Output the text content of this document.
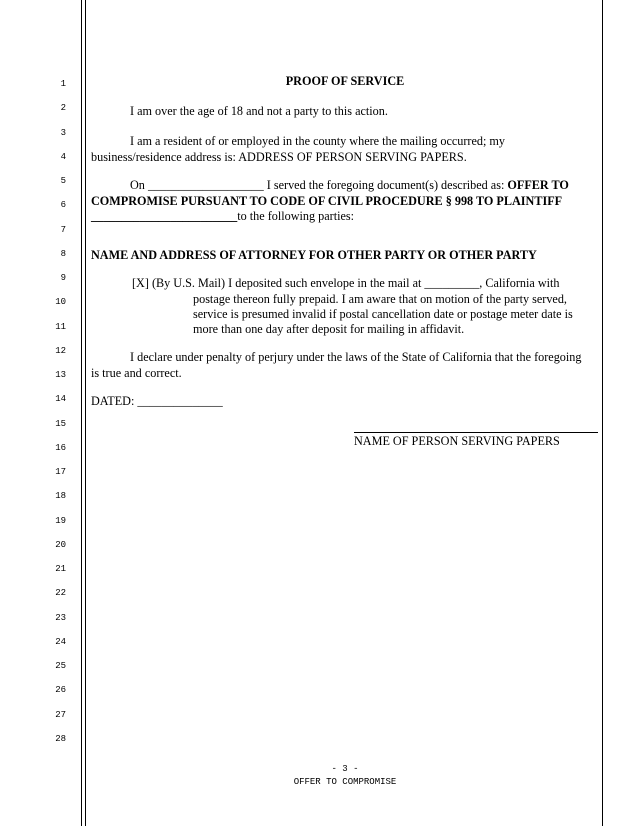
1
2
3
4
5
6
7
8
9
10
11
12
13
14
15
16
17
18
19
20
21
22
23
24
25
26
27
28
PROOF OF SERVICE
I am over the age of 18 and not a party to this action.
I am a resident of or employed in the county where the mailing occurred; my
business/residence address is: ADDRESS OF PERSON SERVING PAPERS.
On ___________________ I served the foregoing document(s) described as: OFFER TO
COMPROMISE PURSUANT TO CODE OF CIVIL PROCEDURE § 998 TO PLAINTIFF
________________________to the following parties:
NAME AND ADDRESS OF ATTORNEY FOR OTHER PARTY OR OTHER PARTY
[X] (By U.S. Mail) I deposited such envelope in the mail at _________, California with
postage thereon fully prepaid. I am aware that on motion of the party served,
service is presumed invalid if postal cancellation date or postage meter date is
more than one day after deposit for mailing in affidavit.
I declare under penalty of perjury under the laws of the State of California that the foregoing
is true and correct.
DATED: ______________
NAME OF PERSON SERVING PAPERS
- 3 -
OFFER TO COMPROMISE
